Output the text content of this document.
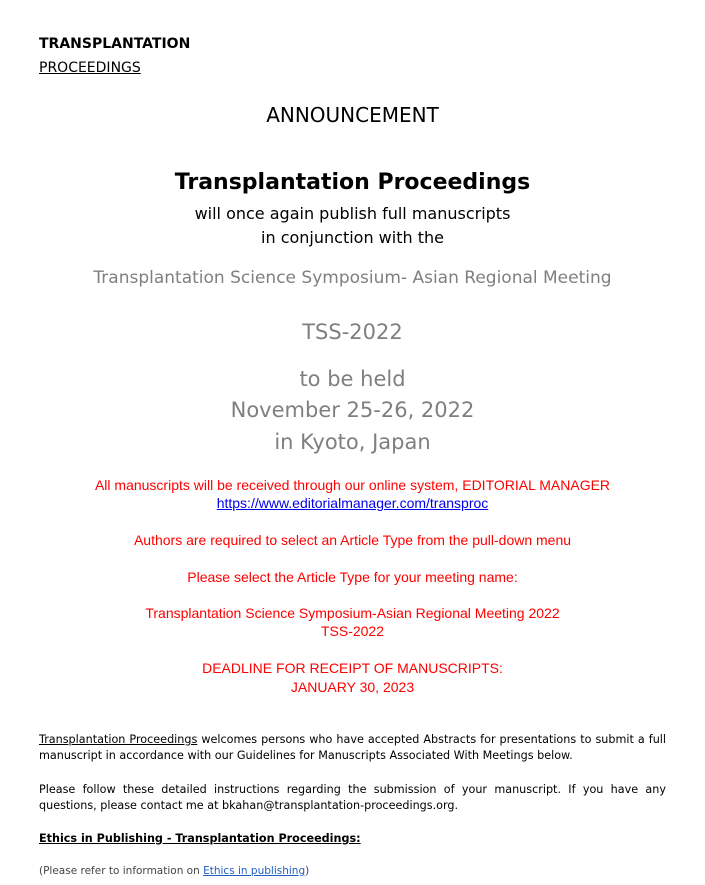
TRANSPLANTATION
PROCEEDINGS
ANNOUNCEMENT
Transplantation Proceedings
will once again publish full manuscripts
in conjunction with the
Transplantation Science Symposium- Asian Regional Meeting
TSS-2022
to be held
November 25-26, 2022
in Kyoto, Japan
All manuscripts will be received through our online system, EDITORIAL MANAGER
https://www.editorialmanager.com/transproc
Authors are required to select an Article Type from the pull-down menu
Please select the Article Type for your meeting name:
Transplantation Science Symposium-Asian Regional Meeting 2022
TSS-2022
DEADLINE FOR RECEIPT OF MANUSCRIPTS:
JANUARY 30, 2023
Transplantation Proceedings welcomes persons who have accepted Abstracts for presentations to submit a full manuscript in accordance with our Guidelines for Manuscripts Associated With Meetings below.
Please follow these detailed instructions regarding the submission of your manuscript. If you have any questions, please contact me at bkahan@transplantation-proceedings.org.
Ethics in Publishing - Transplantation Proceedings:
(Please refer to information on Ethics in publishing)
